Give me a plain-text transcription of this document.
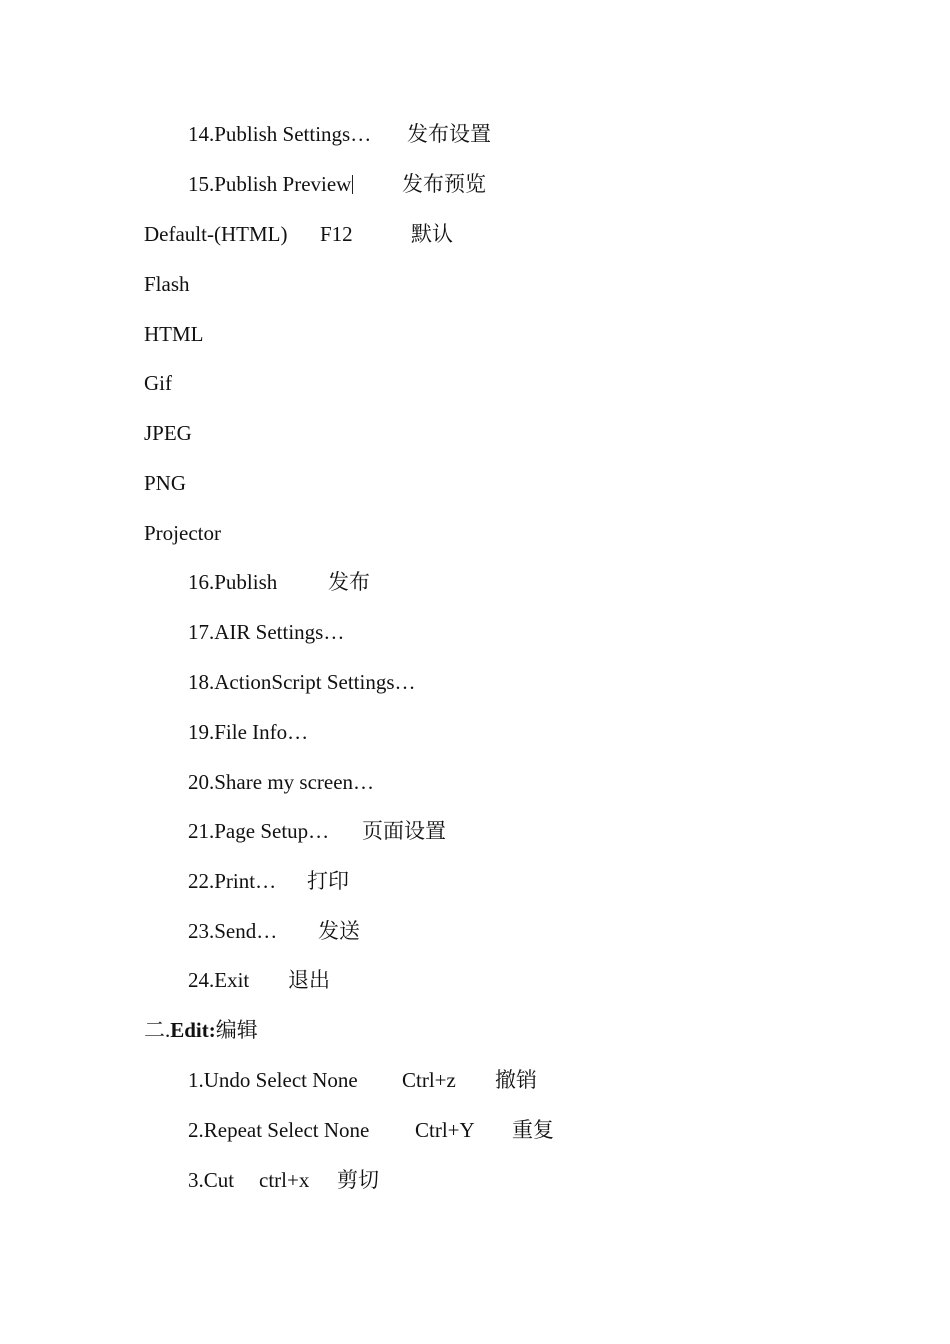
14.Publish Settings… 发布设置
15.Publish Preview 发布预览
Default-(HTML) F12	默认
Flash
HTML
Gif
JPEG
PNG
Projector
16.Publish 发布
17.AIR Settings…
18.ActionScript Settings…
19.File Info…
20.Share my screen…
21.Page Setup… 页面设置
22.Print… 打印
23.Send… 发送
24.Exit 退出
二.Edit:编辑
1.Undo Select None Ctrl+z 撤销
2.Repeat Select None Ctrl+Y 重复
3.Cut ctrl+x 剪切
